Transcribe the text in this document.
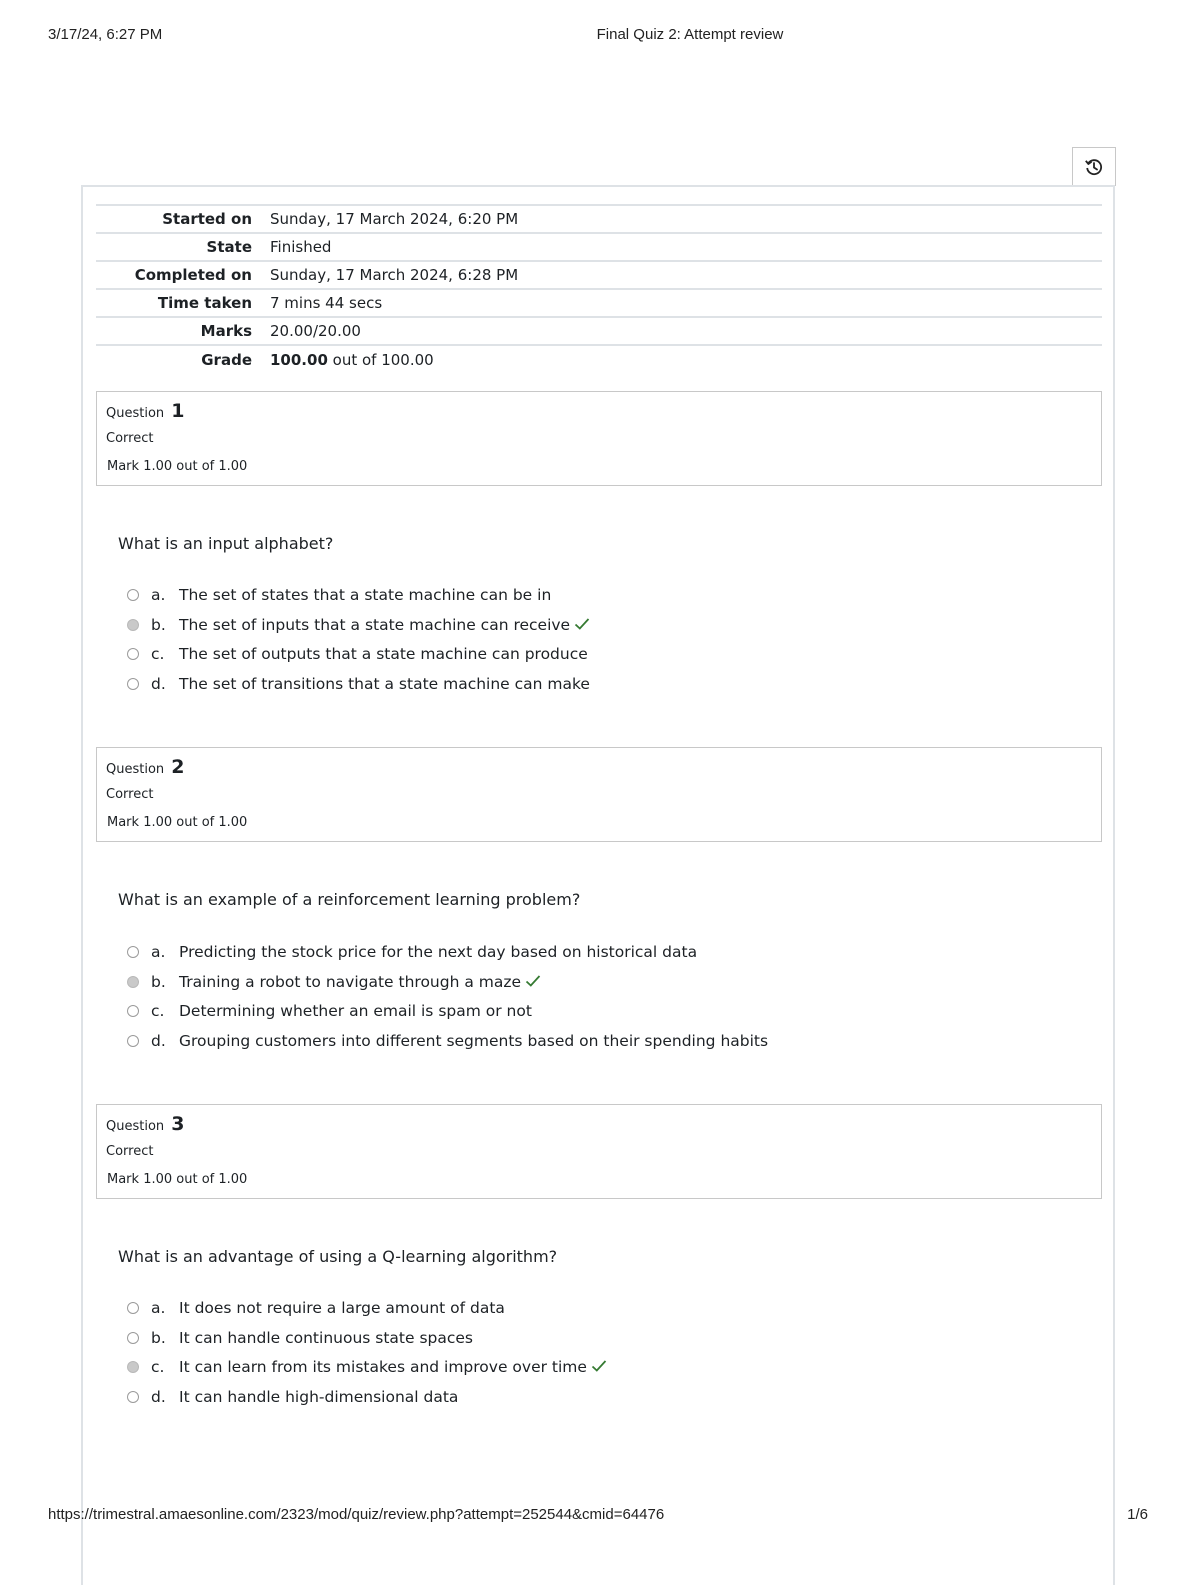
3/17/24, 6:27 PM	Final Quiz 2: Attempt review
Started on	Sunday, 17 March 2024, 6:20 PM
State	Finished
Completed on	Sunday, 17 March 2024, 6:28 PM
Time taken	7 mins 44 secs
Marks	20.00/20.00
Grade	100.00 out of 100.00
Question 1
Correct
Mark 1.00 out of 1.00
What is an input alphabet?
a. The set of states that a state machine can be in
b. The set of inputs that a state machine can receive
c. The set of outputs that a state machine can produce
d. The set of transitions that a state machine can make
Question 2
Correct
Mark 1.00 out of 1.00
What is an example of a reinforcement learning problem?
a. Predicting the stock price for the next day based on historical data
b. Training a robot to navigate through a maze
c. Determining whether an email is spam or not
d. Grouping customers into different segments based on their spending habits
Question 3
Correct
Mark 1.00 out of 1.00
What is an advantage of using a Q-learning algorithm?
a. It does not require a large amount of data
b. It can handle continuous state spaces
c. It can learn from its mistakes and improve over time
d. It can handle high-dimensional data
https://trimestral.amaesonline.com/2323/mod/quiz/review.php?attempt=252544&cmid=64476	1/6
